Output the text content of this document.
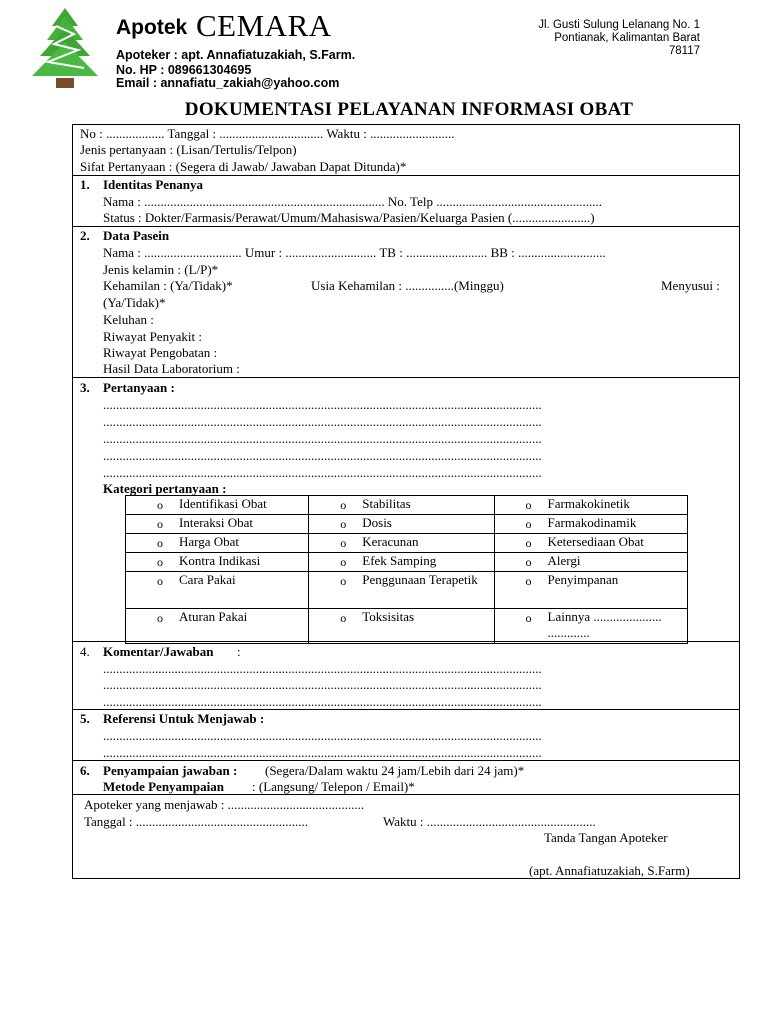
Apotek CEMARA
Apoteker : apt. Annafiatuzakiah, S.Farm.
No. HP : 089661304695
Email : annafiatu_zakiah@yahoo.com
Jl. Gusti Sulung Lelanang No. 1
Pontianak, Kalimantan Barat
78117
DOKUMENTASI PELAYANAN INFORMASI OBAT
No : .................. Tanggal : ................................ Waktu : ..........................
Jenis pertanyaan : (Lisan/Tertulis/Telpon)
Sifat Pertanyaan : (Segera di Jawab/ Jawaban Dapat Ditunda)*
1. Identitas Penanya
Nama : .......................................................................... No. Telp ...................................................
Status : Dokter/Farmasis/Perawat/Umum/Mahasiswa/Pasien/Keluarga Pasien (........................)
2. Data Pasein
Nama : .............................. Umur : ............................ TB : ......................... BB : ...........................
Jenis kelamin : (L/P)*
Kehamilan : (Ya/Tidak)*	Usia Kehamilan : ...............(Minggu)	Menyusui :
(Ya/Tidak)*
Keluhan :
Riwayat Penyakit :
Riwayat Pengobatan :
Hasil Data Laboratorium :
3. Pertanyaan :
.......................................................................................................................................
.......................................................................................................................................
.......................................................................................................................................
.......................................................................................................................................
.......................................................................................................................................
Kategori pertanyaan :
o Identifikasi Obat	o Stabilitas	o Farmakokinetik

o Interaksi Obat	o Dosis	o Farmakodinamik

o Harga Obat	o Keracunan	o Ketersediaan Obat

o Kontra Indikasi	o Efek Samping	o Alergi

o Cara Pakai	o Penggunaan Terapetik	o Penyimpanan

o Aturan Pakai	o Toksisitas	o Lainnya ..................... .............
4. Komentar/Jawaban :
.......................................................................................................................................
.......................................................................................................................................
.......................................................................................................................................
5. Referensi Untuk Menjawab :
.......................................................................................................................................
.......................................................................................................................................
6. Penyampaian jawaban : (Segera/Dalam waktu 24 jam/Lebih dari 24 jam)*
Metode Penyampaian : (Langsung/ Telepon / Email)*
Apoteker yang menjawab : ..........................................
Tanggal : .....................................................	Waktu : ....................................................
Tanda Tangan Apoteker
(apt. Annafiatuzakiah, S.Farm)
